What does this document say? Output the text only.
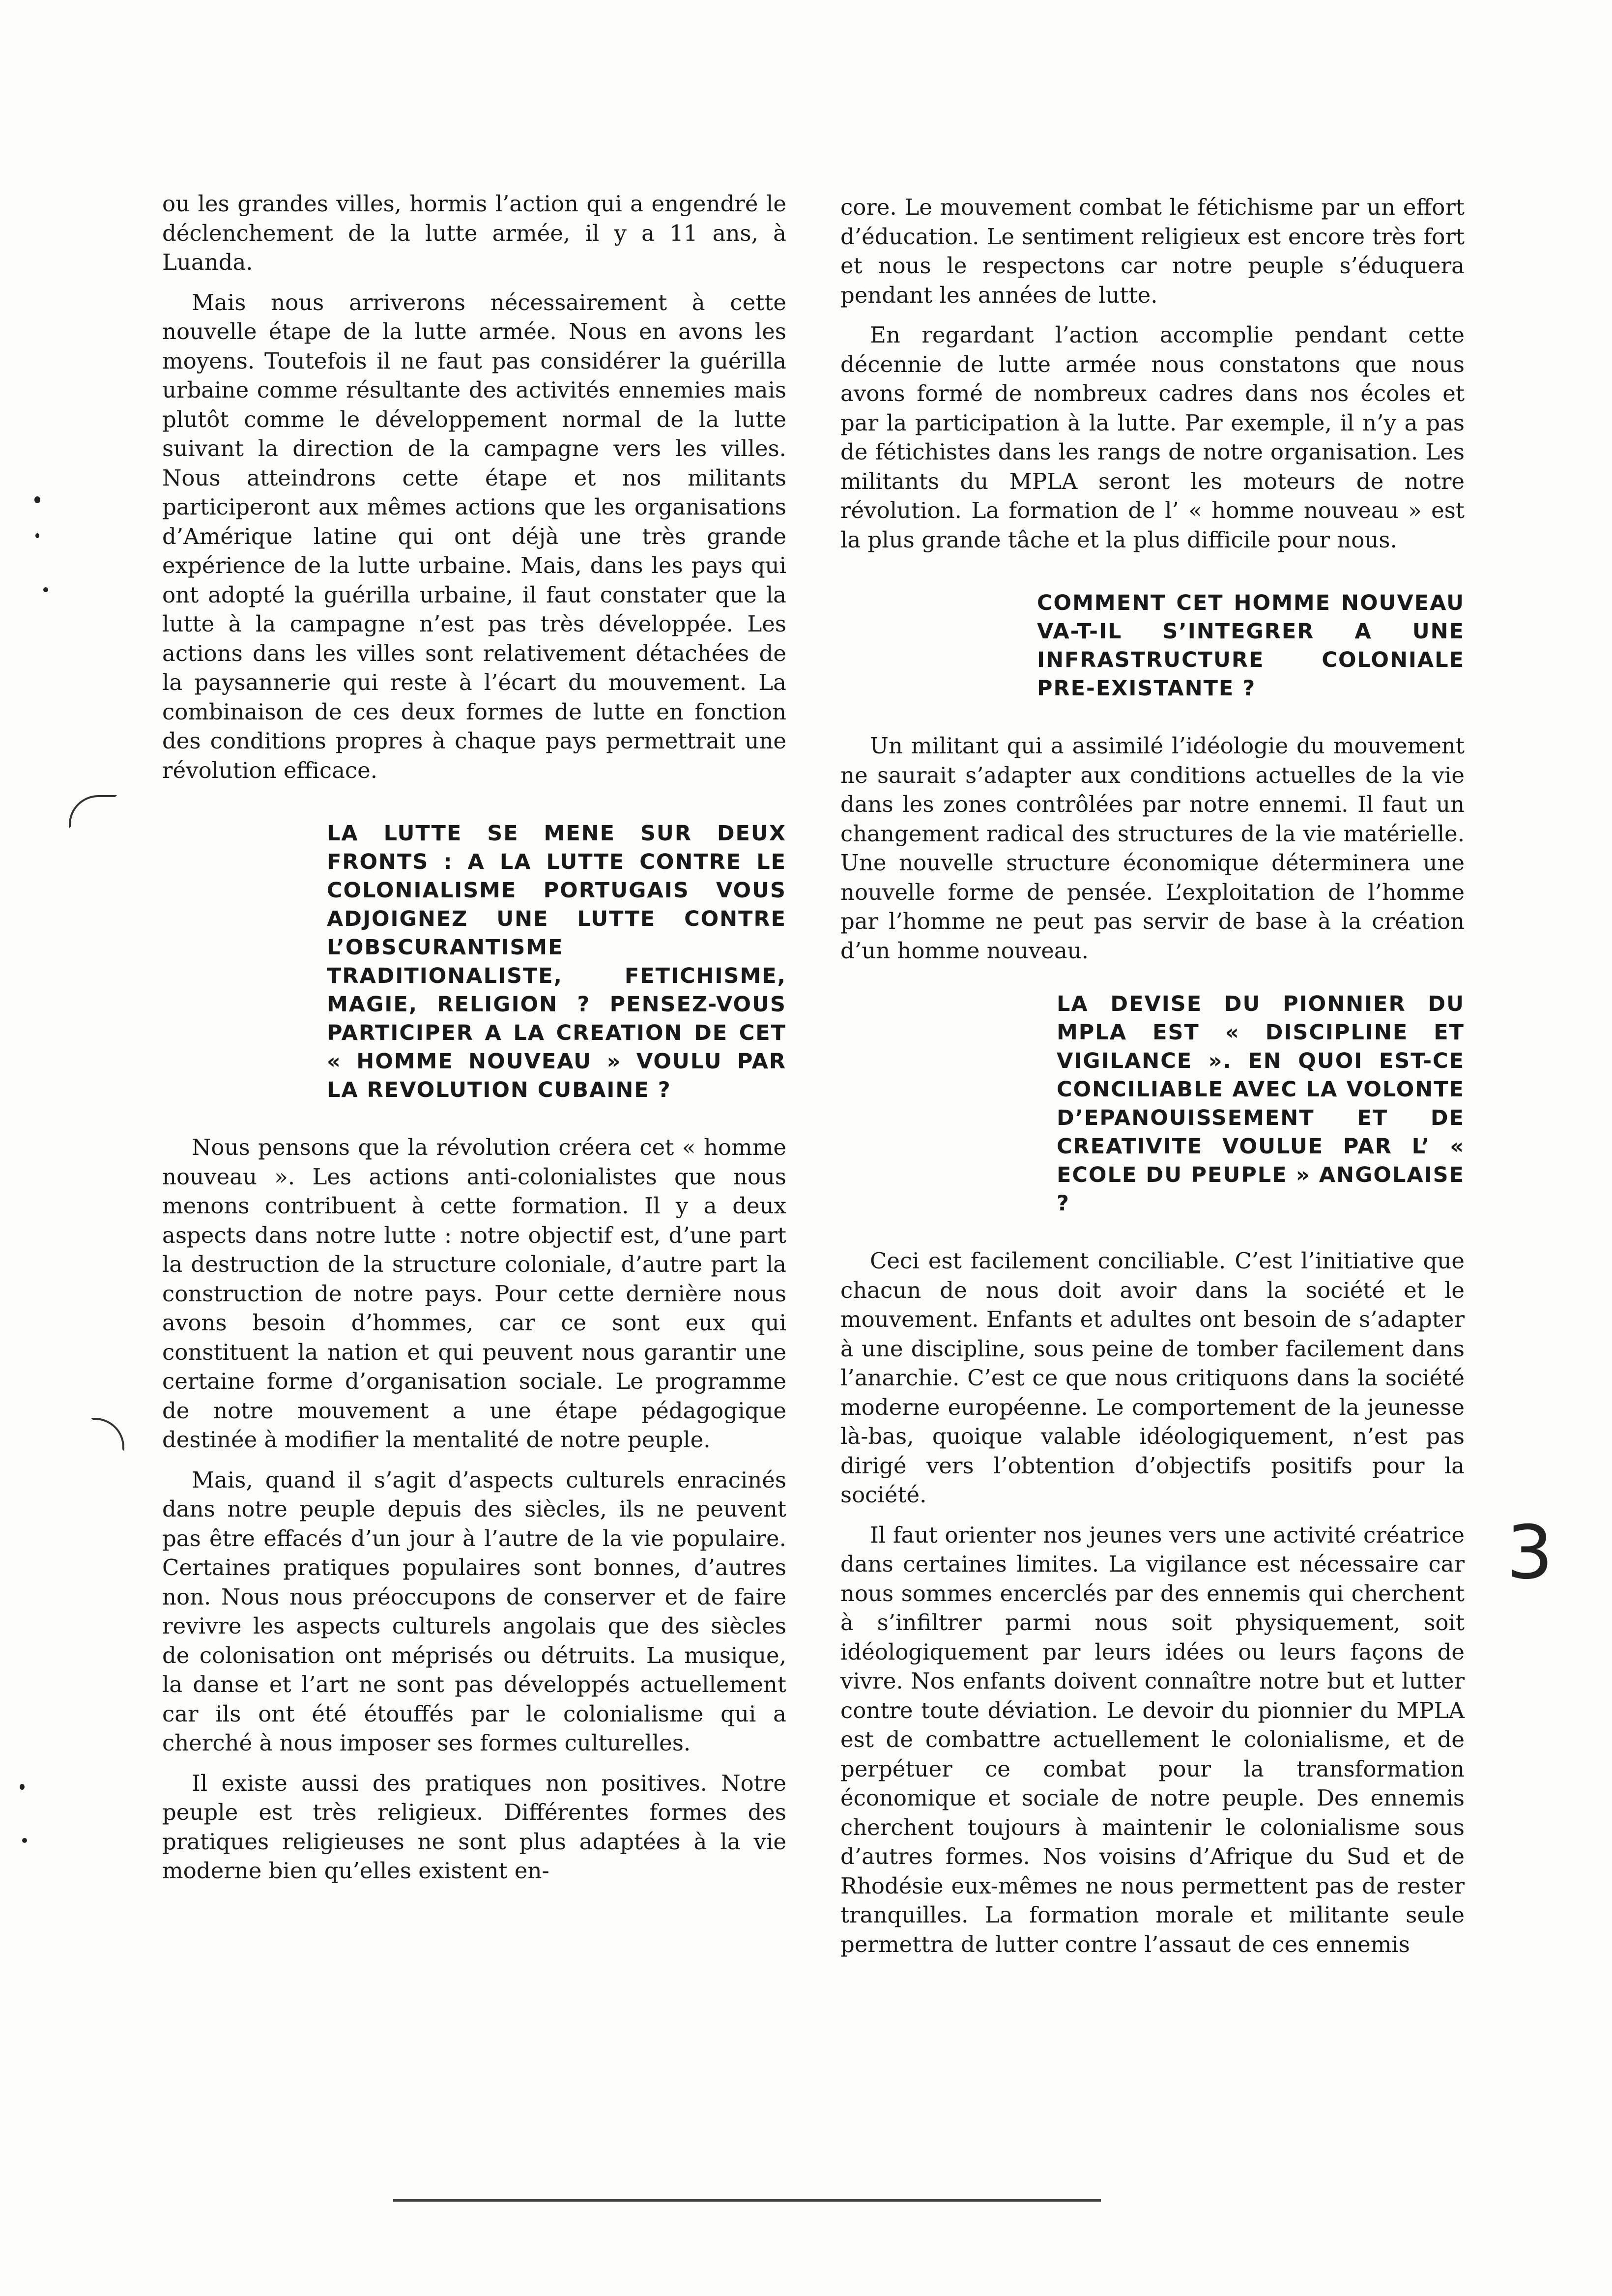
ou les grandes villes, hormis l’action qui a engendré le déclenchement de la lutte armée, il y a 11 ans, à Luanda.

Mais nous arriverons nécessairement à cette nouvelle étape de la lutte armée. Nous en avons les moyens. Toutefois il ne faut pas considérer la guérilla urbaine comme résultante des activités ennemies mais plutôt comme le développement normal de la lutte suivant la direction de la campagne vers les villes. Nous atteindrons cette étape et nos militants participeront aux mêmes actions que les organisations d’Amérique latine qui ont déjà une très grande expérience de la lutte urbaine. Mais, dans les pays qui ont adopté la guérilla urbaine, il faut constater que la lutte à la campagne n’est pas très développée. Les actions dans les villes sont relativement détachées de la paysannerie qui reste à l’écart du mouvement. La combinaison de ces deux formes de lutte en fonction des conditions propres à chaque pays permettrait une révolution efficace.

LA LUTTE SE MENE SUR DEUX FRONTS : A LA LUTTE CONTRE LE COLONIALISME PORTUGAIS VOUS ADJOIGNEZ UNE LUTTE CONTRE L’OBSCURANTISME TRADITIONALISTE, FETICHISME, MAGIE, RELIGION ? PENSEZ-VOUS PARTICIPER A LA CREATION DE CET « HOMME NOUVEAU » VOULU PAR LA REVOLUTION CUBAINE ?

Nous pensons que la révolution créera cet « homme nouveau ». Les actions anti-colonialistes que nous menons contribuent à cette formation. Il y a deux aspects dans notre lutte : notre objectif est, d’une part la destruction de la structure coloniale, d’autre part la construction de notre pays. Pour cette dernière nous avons besoin d’hommes, car ce sont eux qui constituent la nation et qui peuvent nous garantir une certaine forme d’organisation sociale. Le programme de notre mouvement a une étape pédagogique destinée à modifier la mentalité de notre peuple.

Mais, quand il s’agit d’aspects culturels enracinés dans notre peuple depuis des siècles, ils ne peuvent pas être effacés d’un jour à l’autre de la vie populaire. Certaines pratiques populaires sont bonnes, d’autres non. Nous nous préoccupons de conserver et de faire revivre les aspects culturels angolais que des siècles de colonisation ont méprisés ou détruits. La musique, la danse et l’art ne sont pas développés actuellement car ils ont été étouffés par le colonialisme qui a cherché à nous imposer ses formes culturelles.

Il existe aussi des pratiques non positives. Notre peuple est très religieux. Différentes formes des pratiques religieuses ne sont plus adaptées à la vie moderne bien qu’elles existent en-

core. Le mouvement combat le fétichisme par un effort d’éducation. Le sentiment religieux est encore très fort et nous le respectons car notre peuple s’éduquera pendant les années de lutte.

En regardant l’action accomplie pendant cette décennie de lutte armée nous constatons que nous avons formé de nombreux cadres dans nos écoles et par la participation à la lutte. Par exemple, il n’y a pas de fétichistes dans les rangs de notre organisation. Les militants du MPLA seront les moteurs de notre révolution. La formation de l’ « homme nouveau » est la plus grande tâche et la plus difficile pour nous.

COMMENT CET HOMME NOUVEAU VA-T-IL S’INTEGRER A UNE INFRASTRUCTURE COLONIALE PRE-EXISTANTE ?

Un militant qui a assimilé l’idéologie du mouvement ne saurait s’adapter aux conditions actuelles de la vie dans les zones contrôlées par notre ennemi. Il faut un changement radical des structures de la vie matérielle. Une nouvelle structure économique déterminera une nouvelle forme de pensée. L’exploitation de l’homme par l’homme ne peut pas servir de base à la création d’un homme nouveau.

LA DEVISE DU PIONNIER DU MPLA EST « DISCIPLINE ET VIGILANCE ». EN QUOI EST-CE CONCILIABLE AVEC LA VOLONTE D’EPANOUISSEMENT ET DE CREATIVITE VOULUE PAR L’ « ECOLE DU PEUPLE » ANGOLAISE ?

Ceci est facilement conciliable. C’est l’initiative que chacun de nous doit avoir dans la société et le mouvement. Enfants et adultes ont besoin de s’adapter à une discipline, sous peine de tomber facilement dans l’anarchie. C’est ce que nous critiquons dans la société moderne européenne. Le comportement de la jeunesse là-bas, quoique valable idéologiquement, n’est pas dirigé vers l’obtention d’objectifs positifs pour la société.

Il faut orienter nos jeunes vers une activité créatrice dans certaines limites. La vigilance est nécessaire car nous sommes encerclés par des ennemis qui cherchent à s’infiltrer parmi nous soit physiquement, soit idéologiquement par leurs idées ou leurs façons de vivre. Nos enfants doivent connaître notre but et lutter contre toute déviation. Le devoir du pionnier du MPLA est de combattre actuellement le colonialisme, et de perpétuer ce combat pour la transformation économique et sociale de notre peuple. Des ennemis cherchent toujours à maintenir le colonialisme sous d’autres formes. Nos voisins d’Afrique du Sud et de Rhodésie eux-mêmes ne nous permettent pas de rester tranquilles. La formation morale et militante seule permettra de lutter contre l’assaut de ces ennemis

3
